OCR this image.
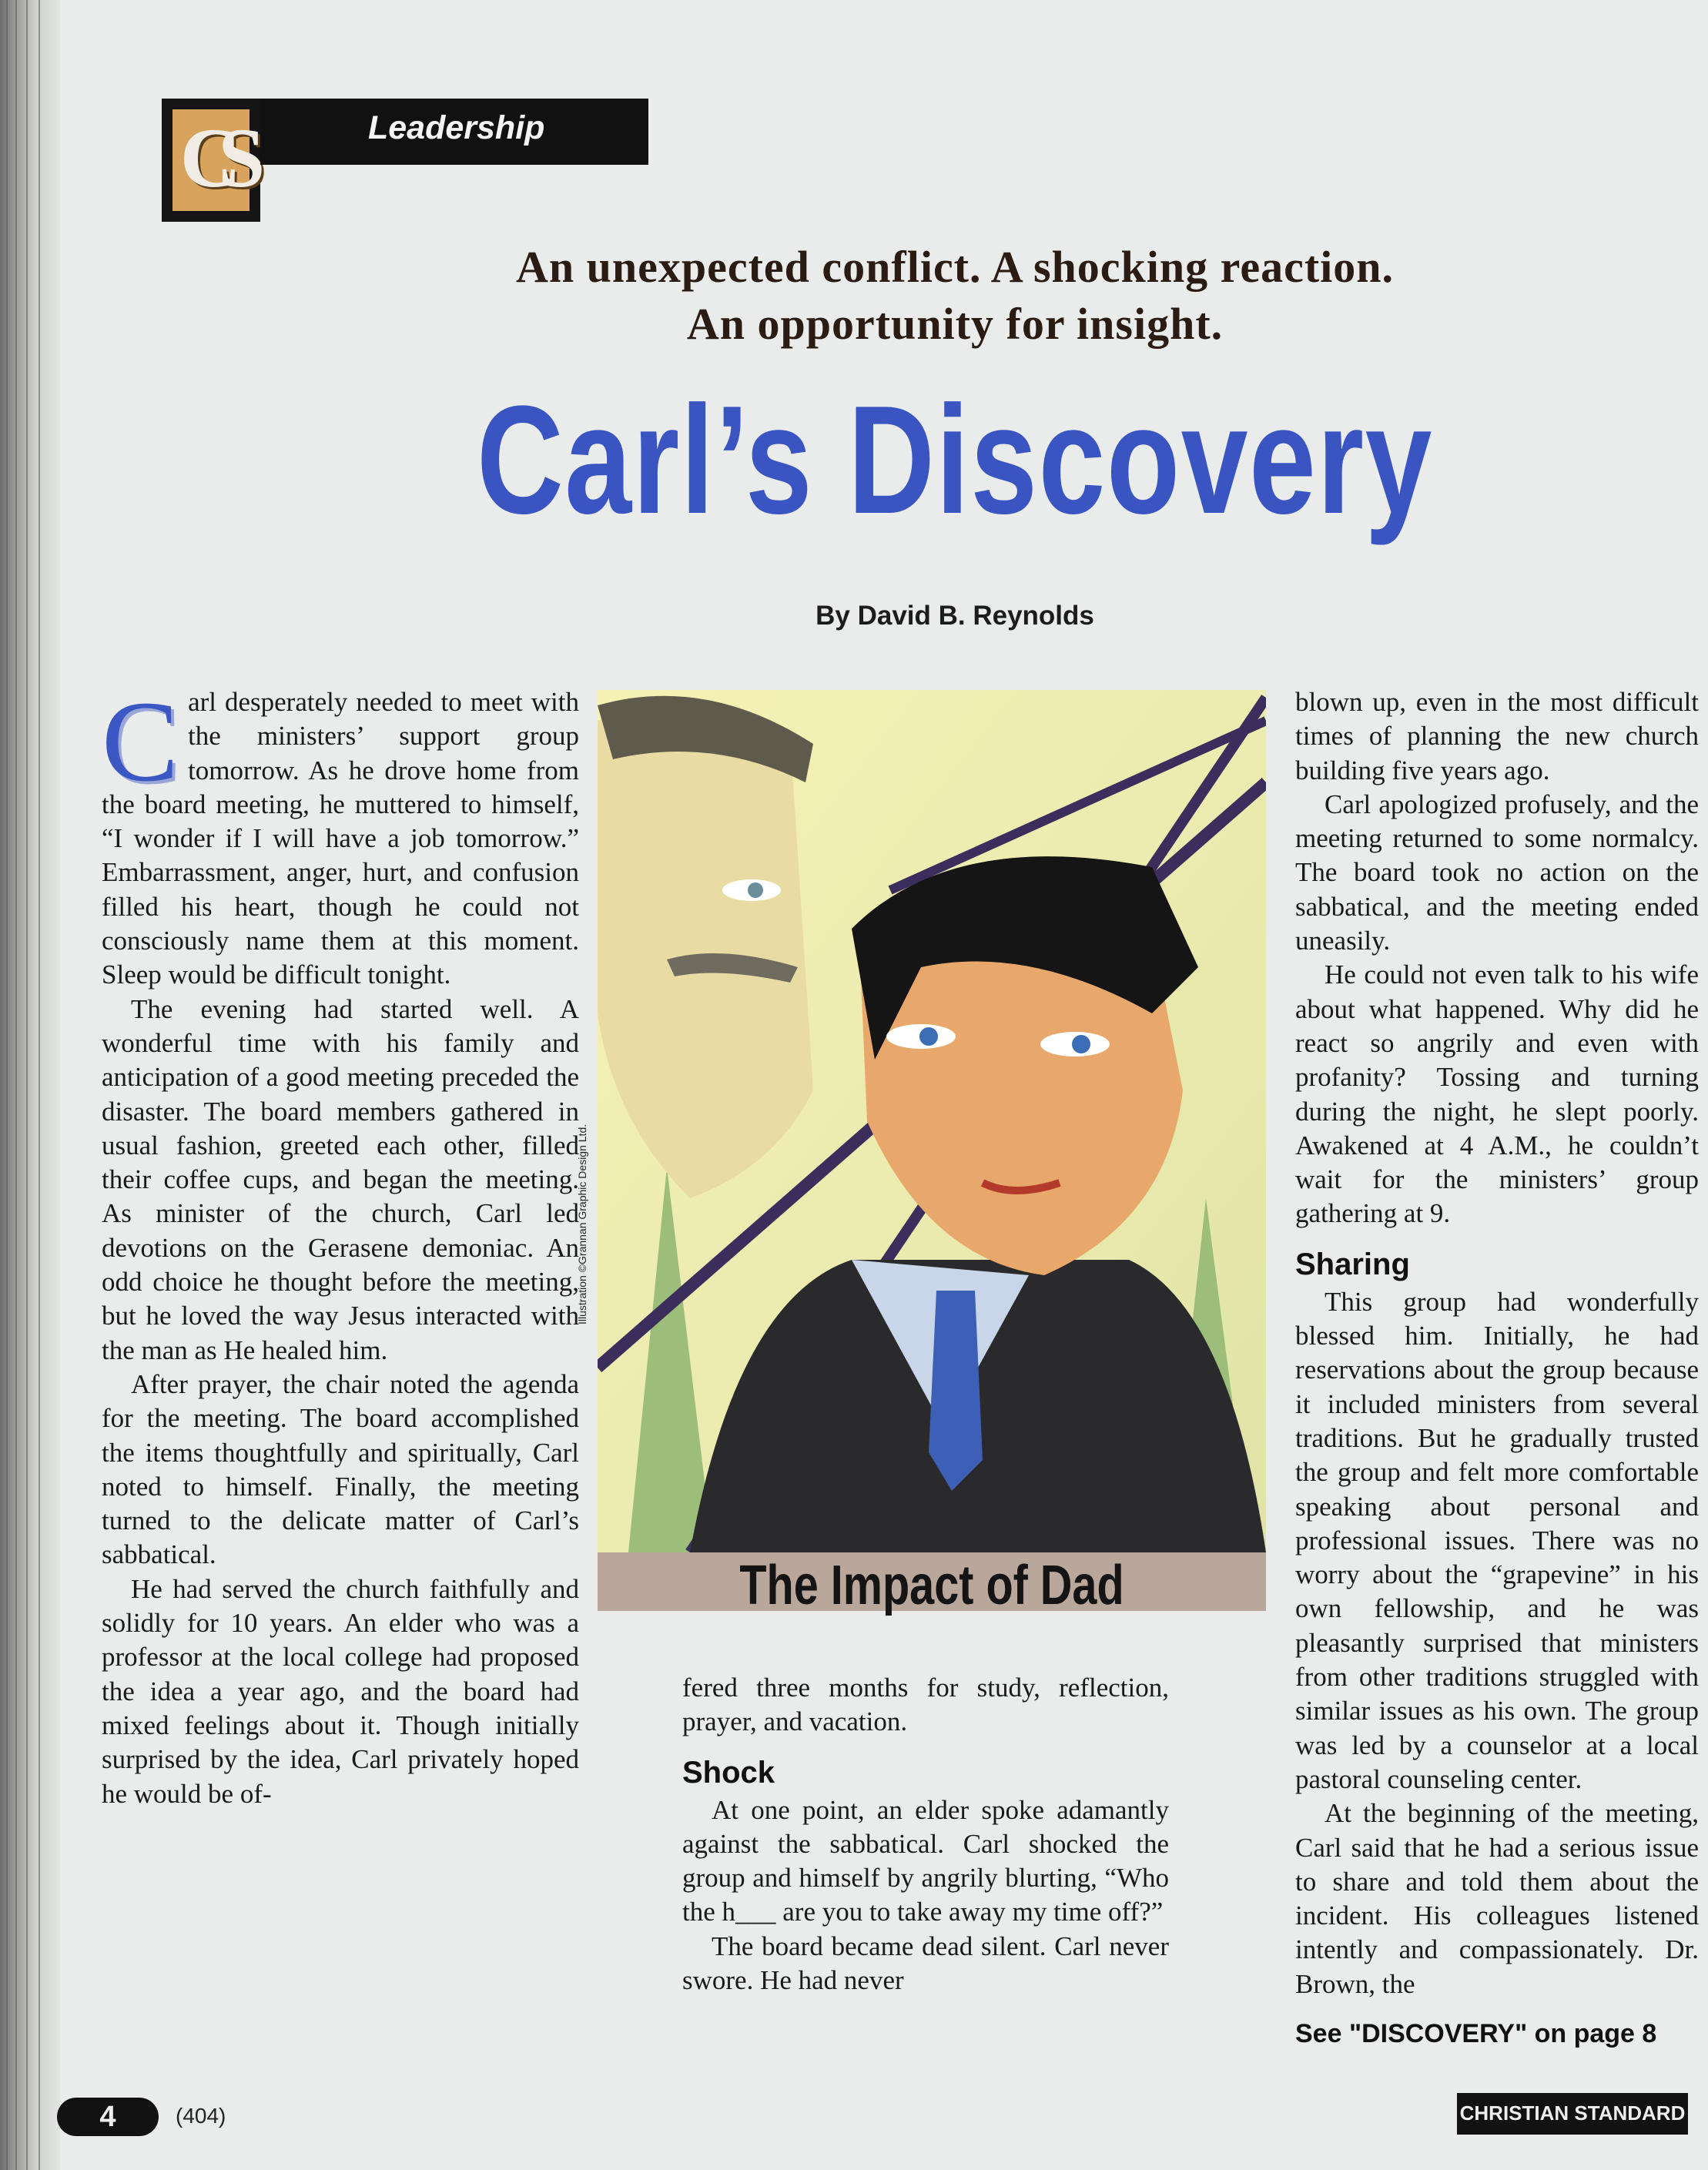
CS	Leadership
An unexpected conflict. A shocking reaction.
An opportunity for insight.
Carl’s Discovery
By David B. Reynolds
C arl desperately needed to meet with the ministers’ support group tomorrow. As he drove home from the board meeting, he muttered to himself, “I wonder if I will have a job tomorrow.” Embarrassment, anger, hurt, and confusion filled his heart, though he could not consciously name them at this moment. Sleep would be difficult tonight.

The evening had started well. A wonderful time with his family and anticipation of a good meeting preceded the disaster. The board members gathered in usual fashion, greeted each other, filled their coffee cups, and began the meeting. As minister of the church, Carl led devotions on the Gerasene demoniac. An odd choice he thought before the meeting, but he loved the way Jesus interacted with the man as He healed him.

After prayer, the chair noted the agenda for the meeting. The board accomplished the items thoughtfully and spiritually, Carl noted to himself. Finally, the meeting turned to the delicate matter of Carl’s sabbatical.

He had served the church faithfully and solidly for 10 years. An elder who was a professor at the local college had proposed the idea a year ago, and the board had mixed feelings about it. Though initially surprised by the idea, Carl privately hoped he would be of-

The Impact of Dad
Illustration ©Grannan Graphic Design Ltd.

fered three months for study, reflection, prayer, and vacation.

Shock

At one point, an elder spoke adamantly against the sabbatical. Carl shocked the group and himself by angrily blurting, “Who the h___ are you to take away my time off?”

The board became dead silent. Carl never swore. He had never

blown up, even in the most difficult times of planning the new church building five years ago.

Carl apologized profusely, and the meeting returned to some normalcy. The board took no action on the sabbatical, and the meeting ended uneasily.

He could not even talk to his wife about what happened. Why did he react so angrily and even with profanity? Tossing and turning during the night, he slept poorly. Awakened at 4 A.M., he couldn’t wait for the ministers’ group gathering at 9.

Sharing

This group had wonderfully blessed him. Initially, he had reservations about the group because it included ministers from several traditions. But he gradually trusted the group and felt more comfortable speaking about personal and professional issues. There was no worry about the “grapevine” in his own fellowship, and he was pleasantly surprised that ministers from other traditions struggled with similar issues as his own. The group was led by a counselor at a local pastoral counseling center.

At the beginning of the meeting, Carl said that he had a serious issue to share and told them about the incident. His colleagues listened intently and compassionately. Dr. Brown, the

See "DISCOVERY" on page 8
4	(404)	CHRISTIAN STANDARD
